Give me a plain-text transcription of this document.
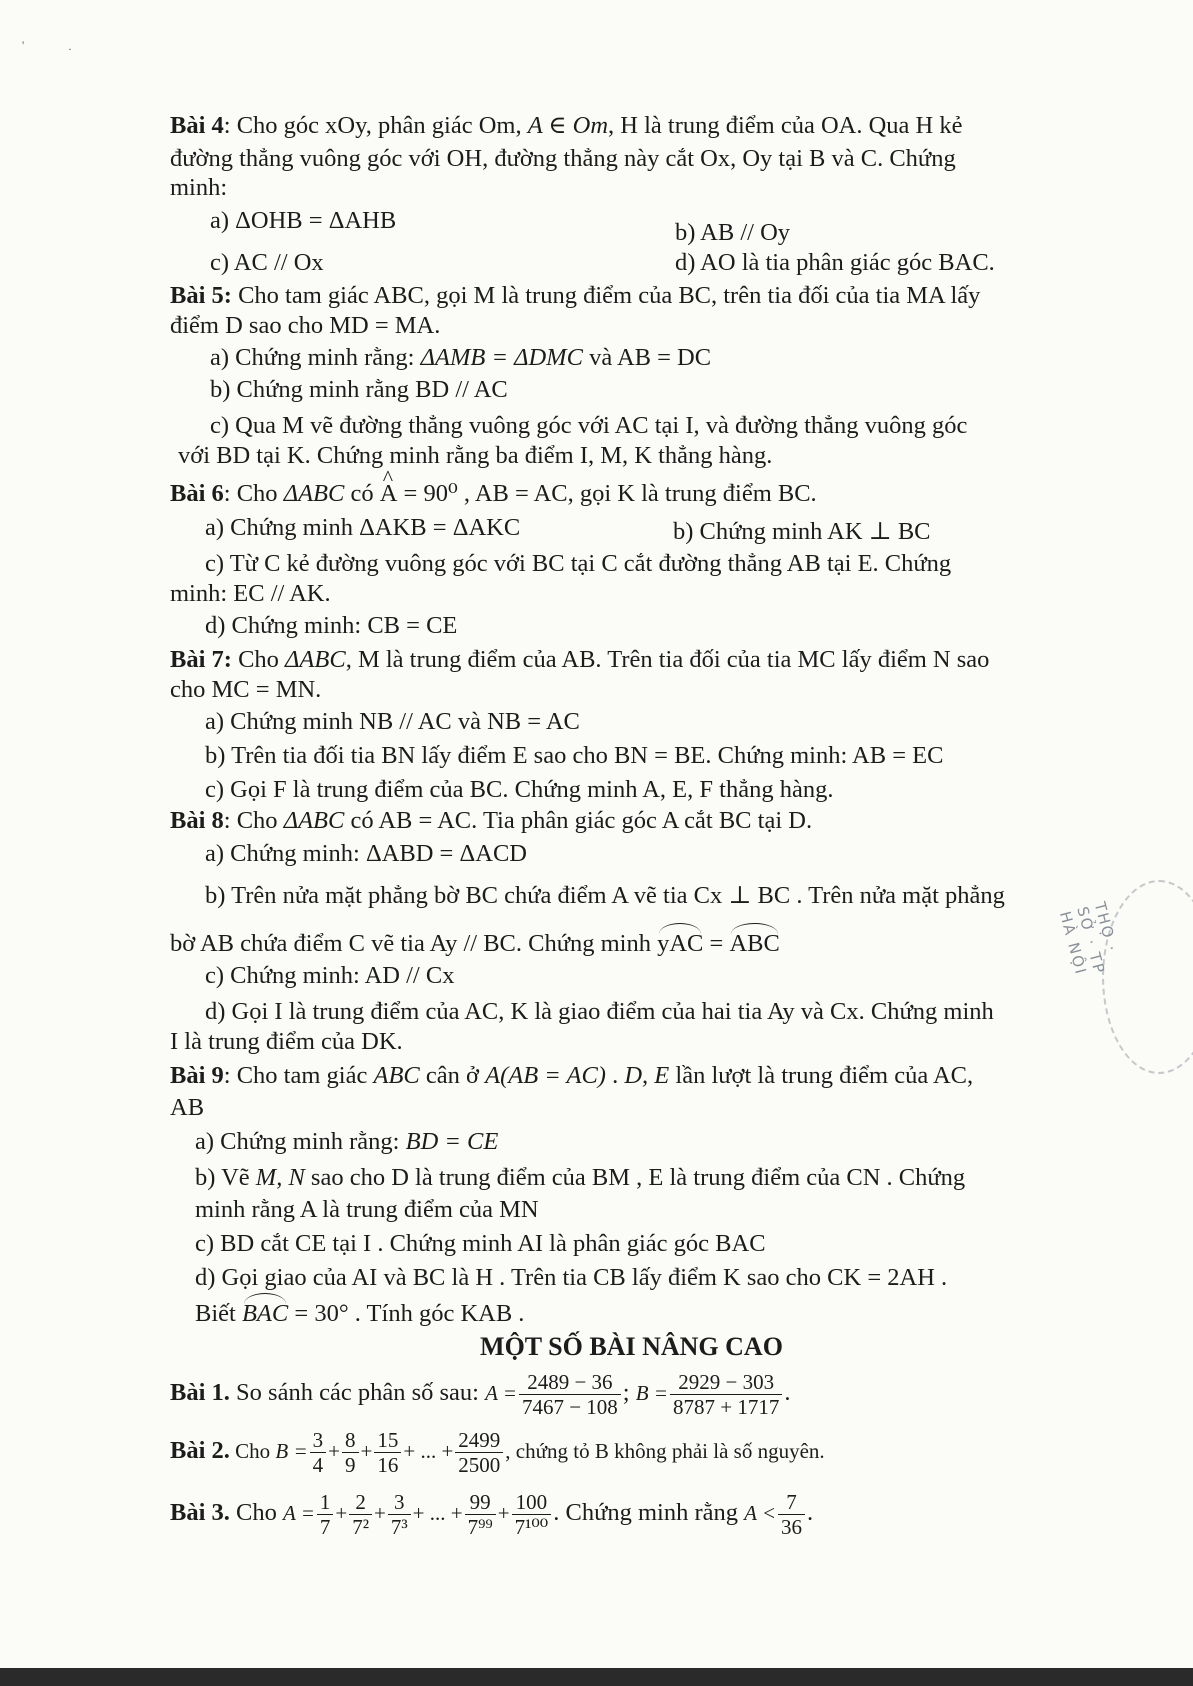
'	·
Bài 4: Cho góc xOy, phân giác Om, A ∈ Om, H là trung điểm của OA. Qua H kẻ
đường thẳng vuông góc với OH, đường thẳng này cắt Ox, Oy tại B và C. Chứng
minh:
a) ΔOHB = ΔAHB	b) AB // Oy
c) AC // Ox	d) AO là tia phân giác góc BAC.
Bài 5: Cho tam giác ABC, gọi M là trung điểm của BC, trên tia đối của tia MA lấy
điểm D sao cho MD = MA.
a) Chứng minh rằng: ΔAMB = ΔDMC và AB = DC
b) Chứng minh rằng BD // AC
c) Qua M vẽ đường thẳng vuông góc với AC tại I, và đường thẳng vuông góc
với BD tại K. Chứng minh rằng ba điểm I, M, K thẳng hàng.
Bài 6: Cho ΔABC có ^ A = 90⁰ , AB = AC, gọi K là trung điểm BC.
a) Chứng minh ΔAKB = ΔAKC	b) Chứng minh AK ⊥ BC
c) Từ C kẻ đường vuông góc với BC tại C cắt đường thẳng AB tại E. Chứng
minh: EC // AK.
d) Chứng minh: CB = CE
Bài 7: Cho ΔABC, M là trung điểm của AB. Trên tia đối của tia MC lấy điểm N sao
cho MC = MN.
a) Chứng minh NB // AC và NB = AC
b) Trên tia đối tia BN lấy điểm E sao cho BN = BE. Chứng minh: AB = EC
c) Gọi F là trung điểm của BC. Chứng minh A, E, F thẳng hàng.
Bài 8: Cho ΔABC có AB = AC. Tia phân giác góc A cắt BC tại D.
a) Chứng minh: ΔABD = ΔACD
b) Trên nửa mặt phẳng bờ BC chứa điểm A vẽ tia Cx ⊥ BC . Trên nửa mặt phẳng
bờ AB chứa điểm C vẽ tia Ay // BC. Chứng minh yAC = ABC
c) Chứng minh: AD // Cx
d) Gọi I là trung điểm của AC, K là giao điểm của hai tia Ay và Cx. Chứng minh
I là trung điểm của DK.
Bài 9: Cho tam giác ABC cân ở A(AB = AC) . D, E lần lượt là trung điểm của AC,
AB
a) Chứng minh rằng: BD = CE
b) Vẽ M, N sao cho D là trung điểm của BM , E là trung điểm của CN . Chứng
minh rằng A là trung điểm của MN
c) BD cắt CE tại I . Chứng minh AI là phân giác góc BAC
d) Gọi giao của AI và BC là H . Trên tia CB lấy điểm K sao cho CK = 2AH .
Biết BAC = 30° . Tính góc KAB .
MỘT SỐ BÀI NÂNG CAO
Bài 1. So sánh các phân số sau: $A = \frac{2489 - 36}{7467 - 108}$ ; $B = \frac{2929 - 303}{8787 + 1717}$ .
Bài 2. Cho $B = \frac{3}{4} + \frac{8}{9} + \frac{15}{16}$ + ... + $\frac{2499}{2500}$ , chứng tỏ B không phải là số nguyên.
Bài 3. Cho $A = \frac{1}{7} + \frac{2}{\text{7²}} + \frac{3}{\text{7³}}$ + ... + $\frac{99}{\text{7⁹⁹}} + \frac{100}{\text{7¹⁰⁰}}$ . Chứng minh rằng $A < \frac{7}{36}$ .
THỌ · SỞ · TP HÀ NỘI
